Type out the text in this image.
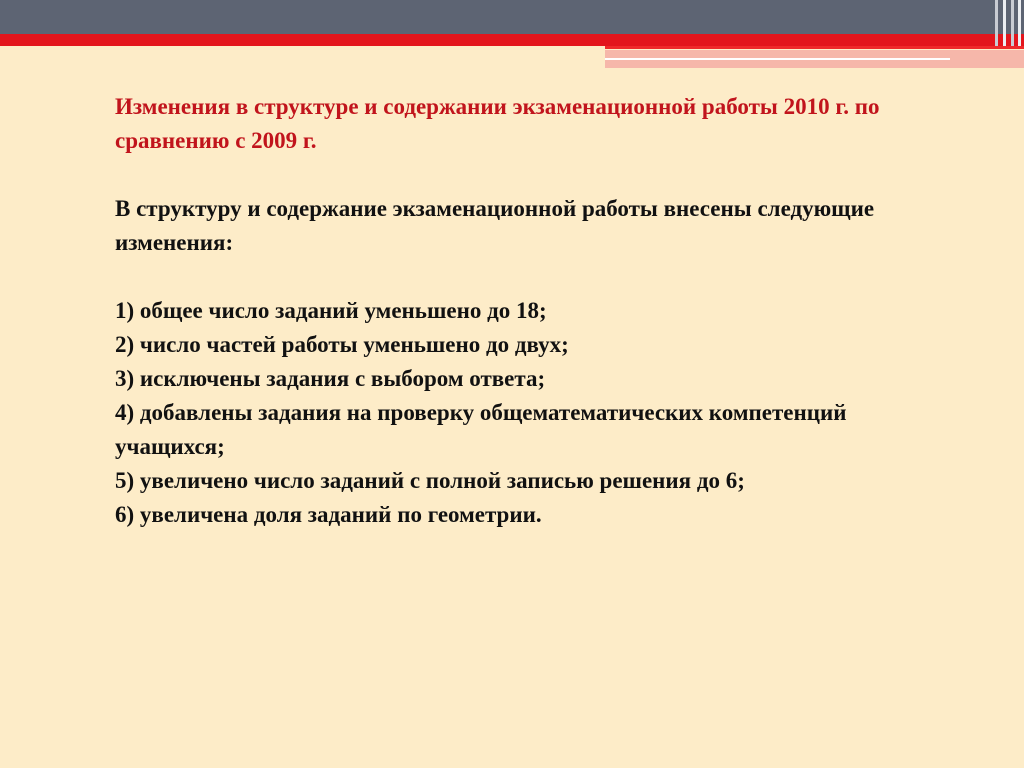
Изменения в структуре и содержании экзаменационной работы 2010 г. по сравнению с 2009 г.

В структуру и содержание экзаменационной работы внесены следующие изменения:

1) общее число заданий уменьшено до 18;
2) число частей работы уменьшено до двух;
3) исключены задания с выбором ответа;
4) добавлены задания на проверку общематематических компетенций учащихся;
5) увеличено число заданий с полной записью решения до 6;
6) увеличена доля заданий по геометрии.
